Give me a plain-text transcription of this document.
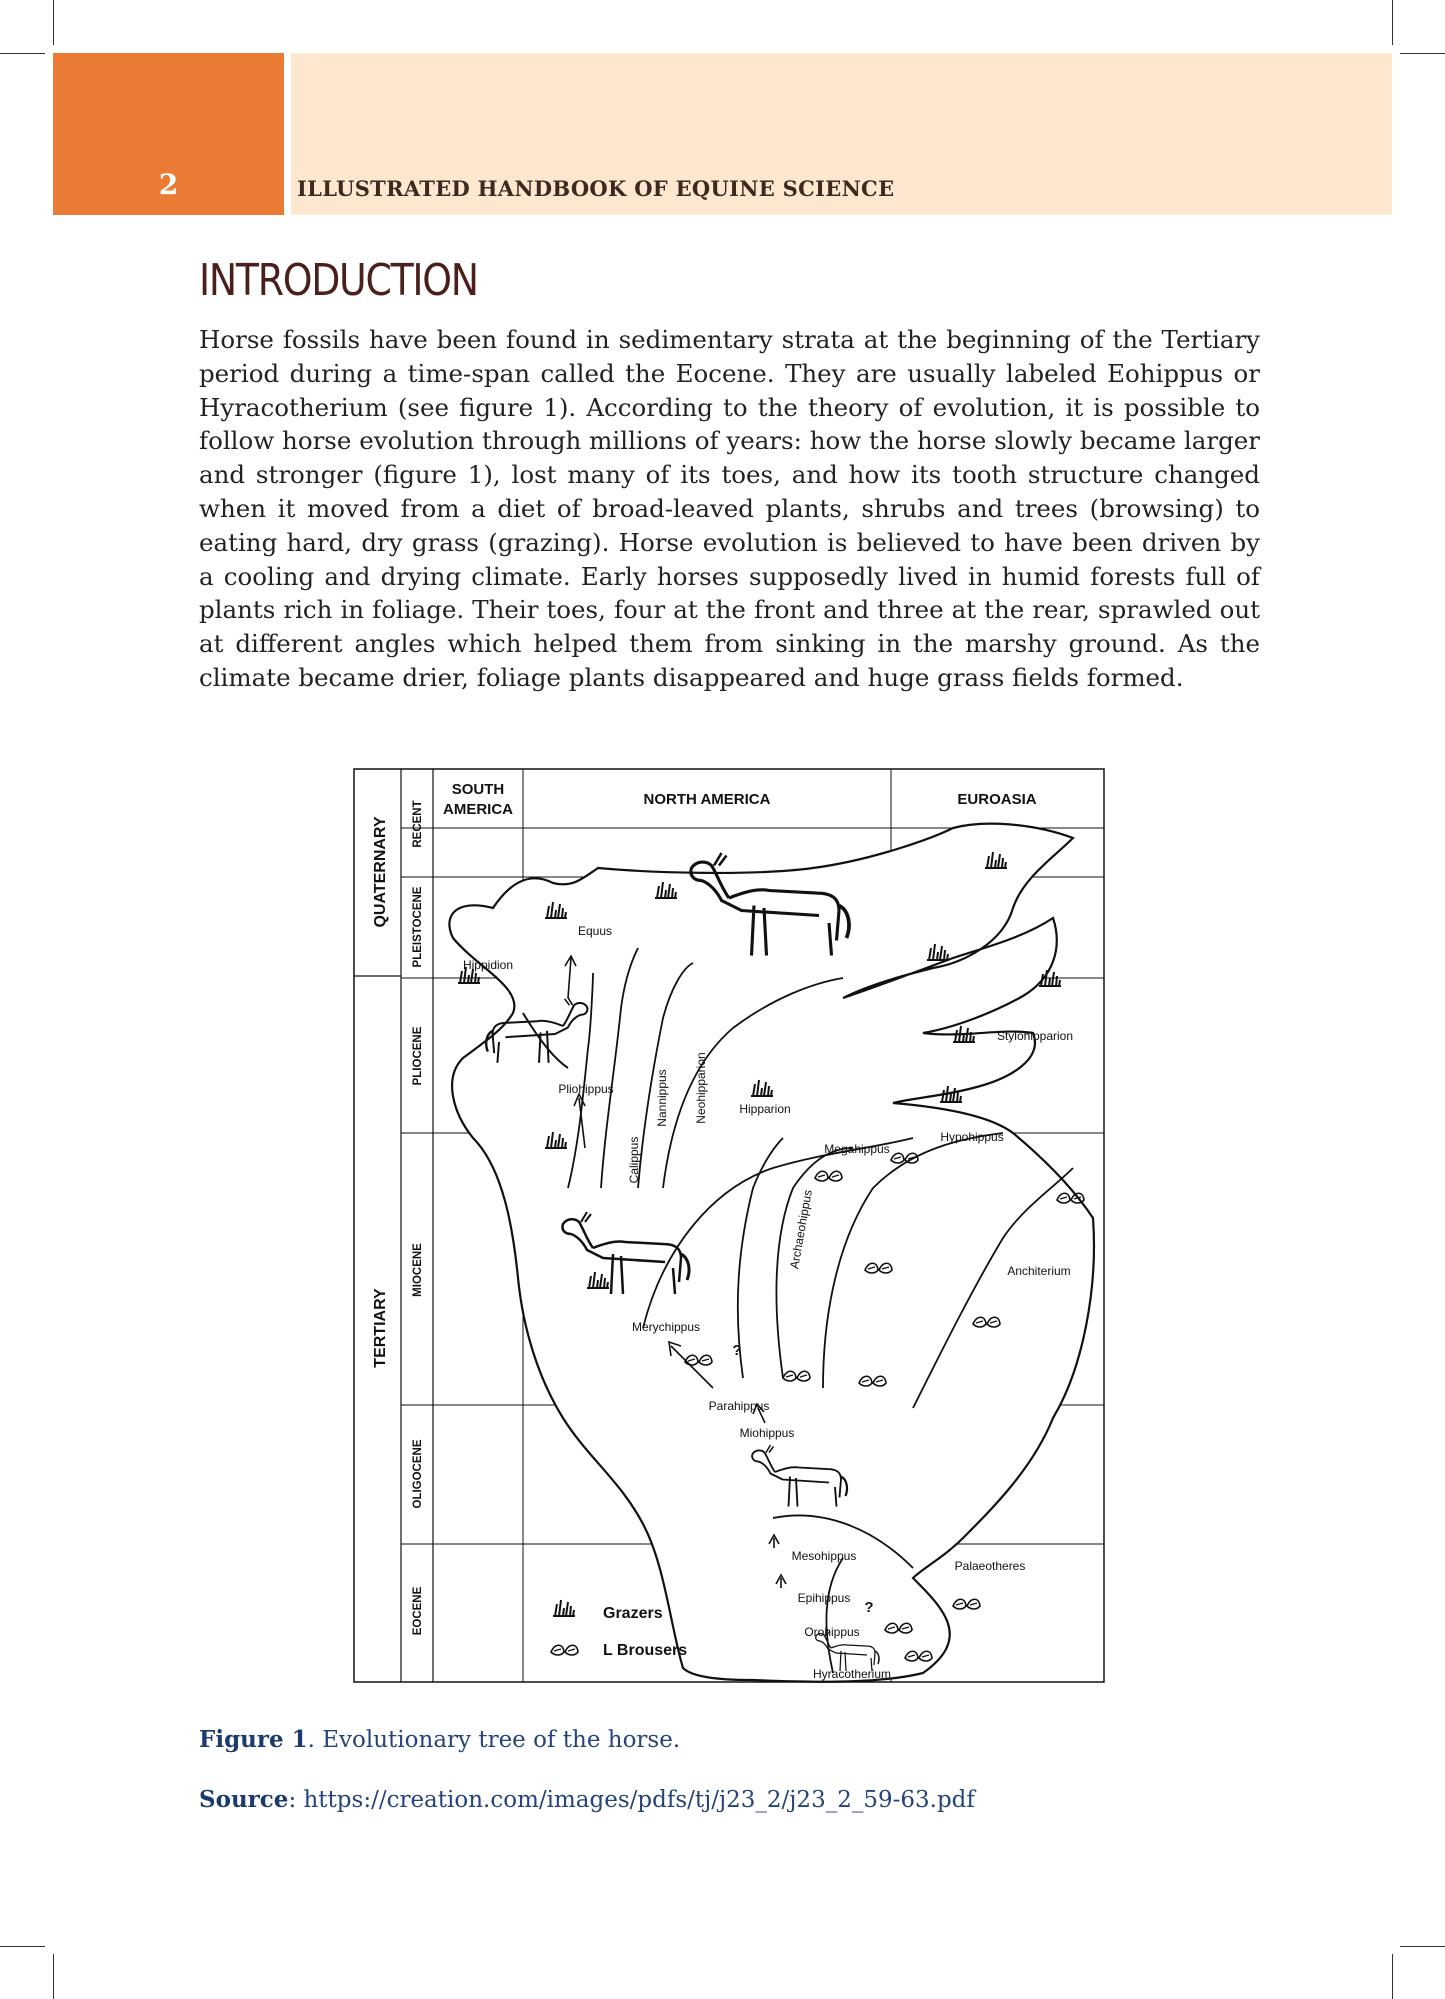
2	ILLUSTRATED HANDBOOK OF EQUINE SCIENCE
INTRODUCTION
Horse fossils have been found in sedimentary strata at the beginning of the Tertiary period during a time-span called the Eocene. They are usually labeled Eohippus or Hyracotherium (see figure 1). According to the theory of evolution, it is possible to follow horse evolution through millions of years: how the horse slowly became larger and stronger (figure 1), lost many of its toes, and how its tooth structure changed when it moved from a diet of broad-leaved plants, shrubs and trees (browsing) to eating hard, dry grass (grazing). Horse evolution is believed to have been driven by a cooling and drying climate. Early horses supposedly lived in humid forests full of plants rich in foliage. Their toes, four at the front and three at the rear, sprawled out at different angles which helped them from sinking in the marshy ground. As the climate became drier, foliage plants disappeared and huge grass fields formed.
SOUTH
AMERICA
NORTH AMERICA	EUROASIA
QUATERNARY
TERTIARY
RECENT
PLEISTOCENE
PLIOCENE
MIOCENE
OLIGOCENE
EOCENE
Equus
Hippidion
Pliohippus
Calippus
Nannippus Neohipparion	Hipparion
Stylohipparion
Hypohippus
Megahippus
Archaeohippus
Anchiterium
Merychippus
Parahippus
Miohippus
Mesohippus
Epihippus
Orohippus
Hyracotherium
Palaeotheres
?
?
Grazers
L Brousers
Figure 1. Evolutionary tree of the horse.
Source: https://creation.com/images/pdfs/tj/j23_2/j23_2_59-63.pdf
